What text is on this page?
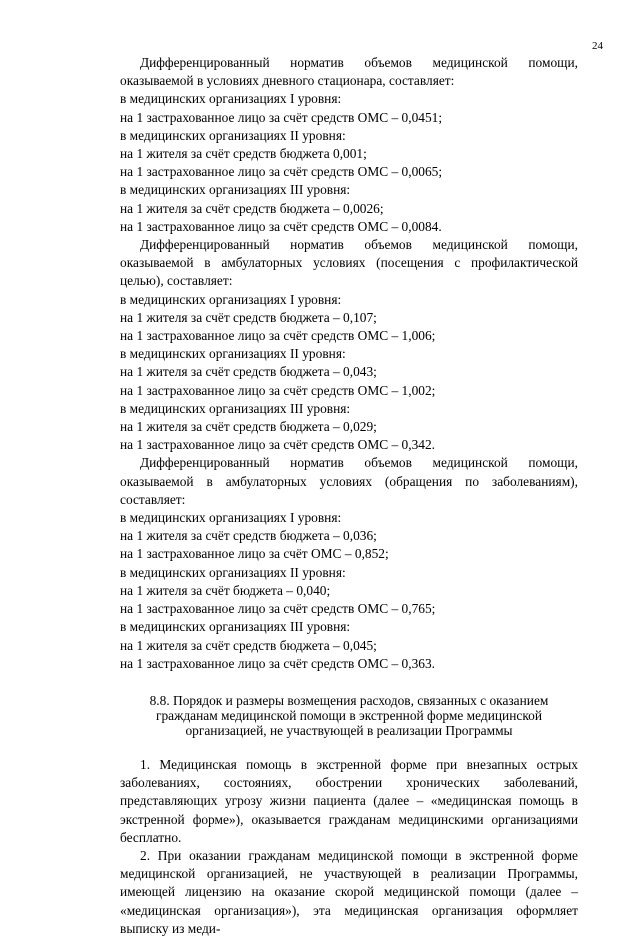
24

Дифференцированный норматив объемов медицинской помощи, оказываемой в условиях дневного стационара, составляет:

в медицинских организациях I уровня:

на 1 застрахованное лицо за счёт средств ОМС – 0,0451;

в медицинских организациях II уровня:

на 1 жителя за счёт средств бюджета 0,001;

на 1 застрахованное лицо за счёт средств ОМС – 0,0065;

в медицинских организациях III уровня:

на 1 жителя за счёт средств бюджета – 0,0026;

на 1 застрахованное лицо за счёт средств ОМС – 0,0084.

Дифференцированный норматив объемов медицинской помощи, оказываемой в амбулаторных условиях (посещения с профилактической целью), составляет:

в медицинских организациях I уровня:

на 1 жителя за счёт средств бюджета – 0,107;

на 1 застрахованное лицо за счёт средств ОМС – 1,006;

в медицинских организациях II уровня:

на 1 жителя за счёт средств бюджета – 0,043;

на 1 застрахованное лицо за счёт средств ОМС – 1,002;

в медицинских организациях III уровня:

на 1 жителя за счёт средств бюджета – 0,029;

на 1 застрахованное лицо за счёт средств ОМС – 0,342.

Дифференцированный норматив объемов медицинской помощи, оказываемой в амбулаторных условиях (обращения по заболеваниям), составляет:

в медицинских организациях I уровня:

на 1 жителя за счёт средств бюджета – 0,036;

на 1 застрахованное лицо за счёт ОМС – 0,852;

в медицинских организациях II уровня:

на 1 жителя за счёт бюджета – 0,040;

на 1 застрахованное лицо за счёт средств ОМС – 0,765;

в медицинских организациях III уровня:

на 1 жителя за счёт средств бюджета – 0,045;

на 1 застрахованное лицо за счёт средств ОМС – 0,363.

8.8. Порядок и размеры возмещения расходов, связанных с оказанием
гражданам медицинской помощи в экстренной форме медицинской
организацией, не участвующей в реализации Программы

1. Медицинская помощь в экстренной форме при внезапных острых заболеваниях, состояниях, обострении хронических заболеваний, представляющих угрозу жизни пациента (далее – «медицинская помощь в экстренной форме»), оказывается гражданам медицинскими организациями бесплатно.

2. При оказании гражданам медицинской помощи в экстренной форме медицинской организацией, не участвующей в реализации Программы, имеющей лицензию на оказание скорой медицинской помощи (далее – «медицинская организация»), эта медицинская организация оформляет выписку из меди-
